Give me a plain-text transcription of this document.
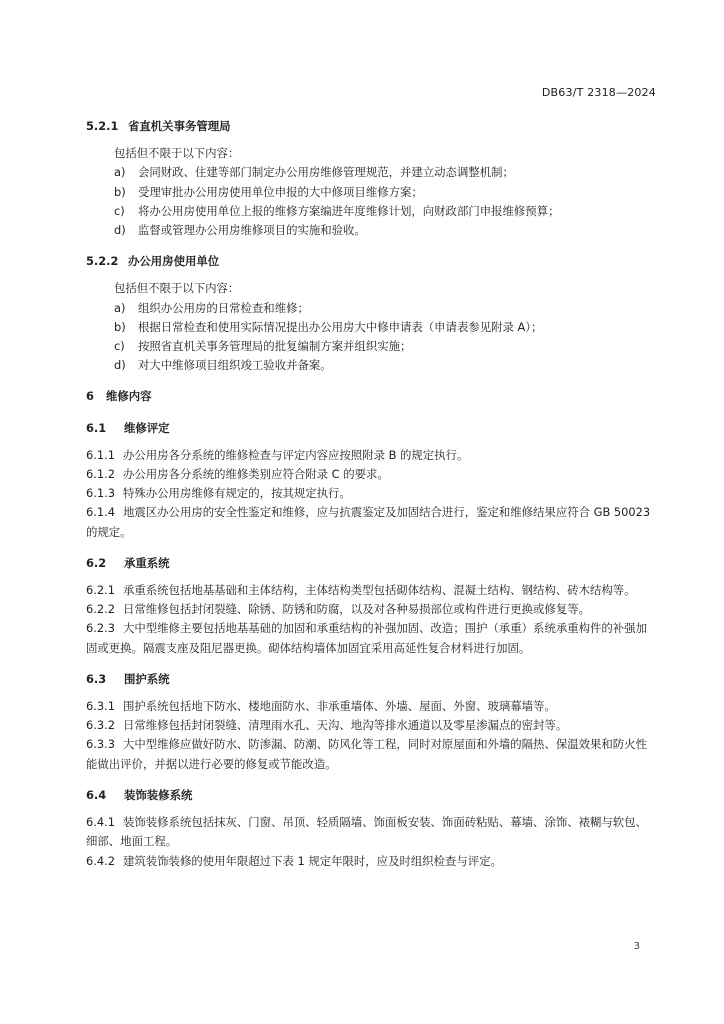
DB63/T 2318—2024
5.2.1 省直机关事务管理局

包括但不限于以下内容：

a) 会同财政、住建等部门制定办公用房维修管理规范，并建立动态调整机制；
b) 受理审批办公用房使用单位申报的大中修项目维修方案；
c) 将办公用房使用单位上报的维修方案编进年度维修计划，向财政部门申报维修预算；
d) 监督或管理办公用房维修项目的实施和验收。
5.2.2 办公用房使用单位

包括但不限于以下内容：

a) 组织办公用房的日常检查和维修；
b) 根据日常检查和使用实际情况提出办公用房大中修申请表（申请表参见附录 A）；
c) 按照省直机关事务管理局的批复编制方案并组织实施；
d) 对大中维修项目组织竣工验收并备案。
6 维修内容
6.1 维修评定

6.1.1 办公用房各分系统的维修检查与评定内容应按照附录 B 的规定执行。

6.1.2 办公用房各分系统的维修类别应符合附录 C 的要求。

6.1.3 特殊办公用房维修有规定的，按其规定执行。

6.1.4 地震区办公用房的安全性鉴定和维修，应与抗震鉴定及加固结合进行，鉴定和维修结果应符合 GB 50023 的规定。

6.2 承重系统

6.2.1 承重系统包括地基基础和主体结构，主体结构类型包括砌体结构、混凝土结构、钢结构、砖木结构等。

6.2.2 日常维修包括封闭裂缝、除锈、防锈和防腐，以及对各种易损部位或构件进行更换或修复等。

6.2.3 大中型维修主要包括地基基础的加固和承重结构的补强加固、改造；围护（承重）系统承重构件的补强加固或更换。隔震支座及阻尼器更换。砌体结构墙体加固宜采用高延性复合材料进行加固。

6.3 围护系统

6.3.1 围护系统包括地下防水、楼地面防水、非承重墙体、外墙、屋面、外窗、玻璃幕墙等。

6.3.2 日常维修包括封闭裂缝、清理雨水孔、天沟、地沟等排水通道以及零星渗漏点的密封等。

6.3.3 大中型维修应做好防水、防渗漏、防潮、防风化等工程，同时对原屋面和外墙的隔热、保温效果和防火性能做出评价，并据以进行必要的修复或节能改造。

6.4 装饰装修系统

6.4.1 装饰装修系统包括抹灰、门窗、吊顶、轻质隔墙、饰面板安装、饰面砖粘贴、幕墙、涂饰、裱糊与软包、细部、地面工程。

6.4.2 建筑装饰装修的使用年限超过下表 1 规定年限时，应及时组织检查与评定。

3
